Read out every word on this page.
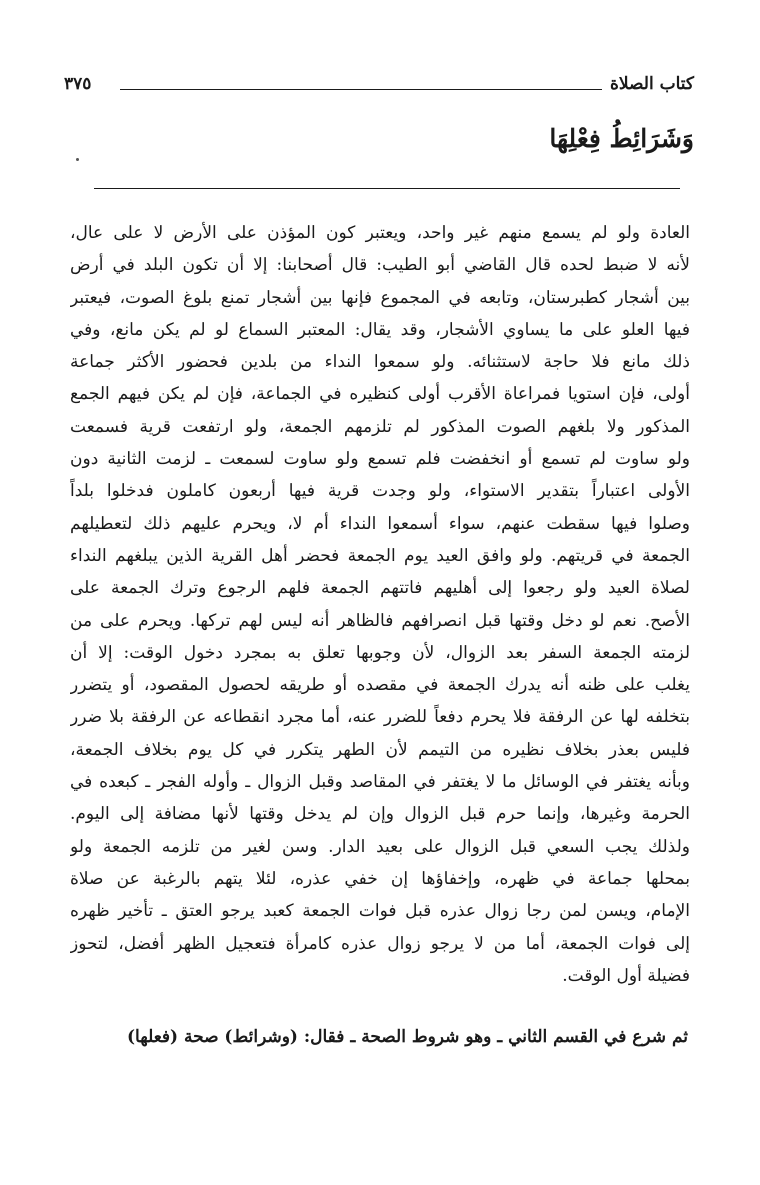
كتاب الصلاة
٣٧٥
وَشَرَائِطُ فِعْلِهَا
العادة ولو لم يسمع منهم غير واحد، ويعتبر كون المؤذن على الأرض لا على عال،
لأنه لا ضبط لحده قال القاضي أبو الطيب: قال أصحابنا: إلا أن تكون البلد في أرض
بين أشجار كطبرستان، وتابعه في المجموع فإنها بين أشجار تمنع بلوغ الصوت، فيعتبر
فيها العلو على ما يساوي الأشجار، وقد يقال: المعتبر السماع لو لم يكن مانع، وفي
ذلك مانع فلا حاجة لاستثنائه. ولو سمعوا النداء من بلدين فحضور الأكثر جماعة
أولى، فإن استويا فمراعاة الأقرب أولى كنظيره في الجماعة، فإن لم يكن فيهم الجمع
المذكور ولا بلغهم الصوت المذكور لم تلزمهم الجمعة، ولو ارتفعت قرية فسمعت
ولو ساوت لم تسمع أو انخفضت فلم تسمع ولو ساوت لسمعت ـ لزمت الثانية دون
الأولى اعتباراً بتقدير الاستواء، ولو وجدت قرية فيها أربعون كاملون فدخلوا بلداً
وصلوا فيها سقطت عنهم، سواء أسمعوا النداء أم لا، ويحرم عليهم ذلك لتعطيلهم
الجمعة في قريتهم. ولو وافق العيد يوم الجمعة فحضر أهل القرية الذين يبلغهم النداء
لصلاة العيد ولو رجعوا إلى أهليهم فاتتهم الجمعة فلهم الرجوع وترك الجمعة على
الأصح. نعم لو دخل وقتها قبل انصرافهم فالظاهر أنه ليس لهم تركها. ويحرم على من
لزمته الجمعة السفر بعد الزوال، لأن وجوبها تعلق به بمجرد دخول الوقت: إلا أن
يغلب على ظنه أنه يدرك الجمعة في مقصده أو طريقه لحصول المقصود، أو يتضرر
بتخلفه لها عن الرفقة فلا يحرم دفعاً للضرر عنه، أما مجرد انقطاعه عن الرفقة بلا ضرر
فليس بعذر بخلاف نظيره من التيمم لأن الطهر يتكرر في كل يوم بخلاف الجمعة،
وبأنه يغتفر في الوسائل ما لا يغتفر في المقاصد وقبل الزوال ـ وأوله الفجر ـ كبعده في
الحرمة وغيرها، وإنما حرم قبل الزوال وإن لم يدخل وقتها لأنها مضافة إلى اليوم.
ولذلك يجب السعي قبل الزوال على بعيد الدار. وسن لغير من تلزمه الجمعة ولو
بمحلها جماعة في ظهره، وإخفاؤها إن خفي عذره، لئلا يتهم بالرغبة عن صلاة
الإمام، ويسن لمن رجا زوال عذره قبل فوات الجمعة كعبد يرجو العتق ـ تأخير ظهره
إلى فوات الجمعة، أما من لا يرجو زوال عذره كامرأة فتعجيل الظهر أفضل، لتحوز
فضيلة أول الوقت.
ثم شرع في القسم الثاني ـ وهو شروط الصحة ـ فقال: (وشرائط) صحة (فعلها)
